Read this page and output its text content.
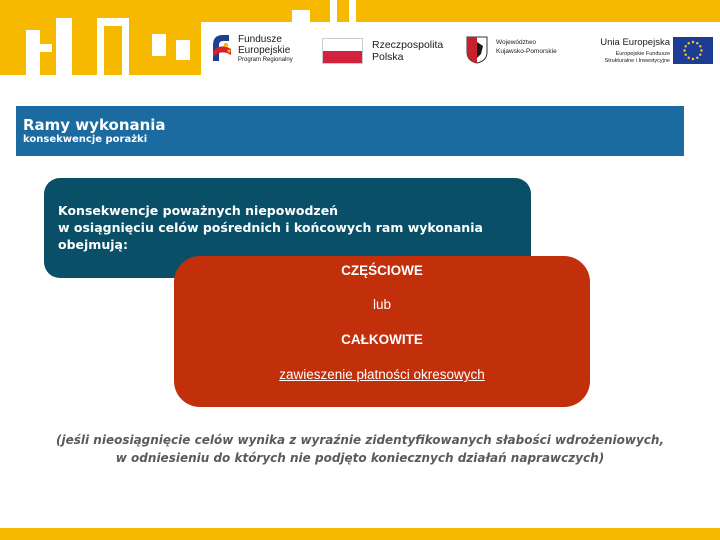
Fundusze
Europejskie
Program Regionalny
Rzeczpospolita
Polska
Województwo
Kujawsko-Pomorskie
Unia Europejska
Europejskie Fundusze
Strukturalne i Inwestycyjne
Ramy wykonania
konsekwencje porażki
Konsekwencje poważnych niepowodzeń
w osiągnięciu celów pośrednich i końcowych ram wykonania
obejmują:
CZĘŚCIOWE
lub
CAŁKOWITE
zawieszenie płatności okresowych
(jeśli nieosiągnięcie celów wynika z wyraźnie zidentyfikowanych słabości wdrożeniowych,
w odniesieniu do których nie podjęto koniecznych działań naprawczych)
